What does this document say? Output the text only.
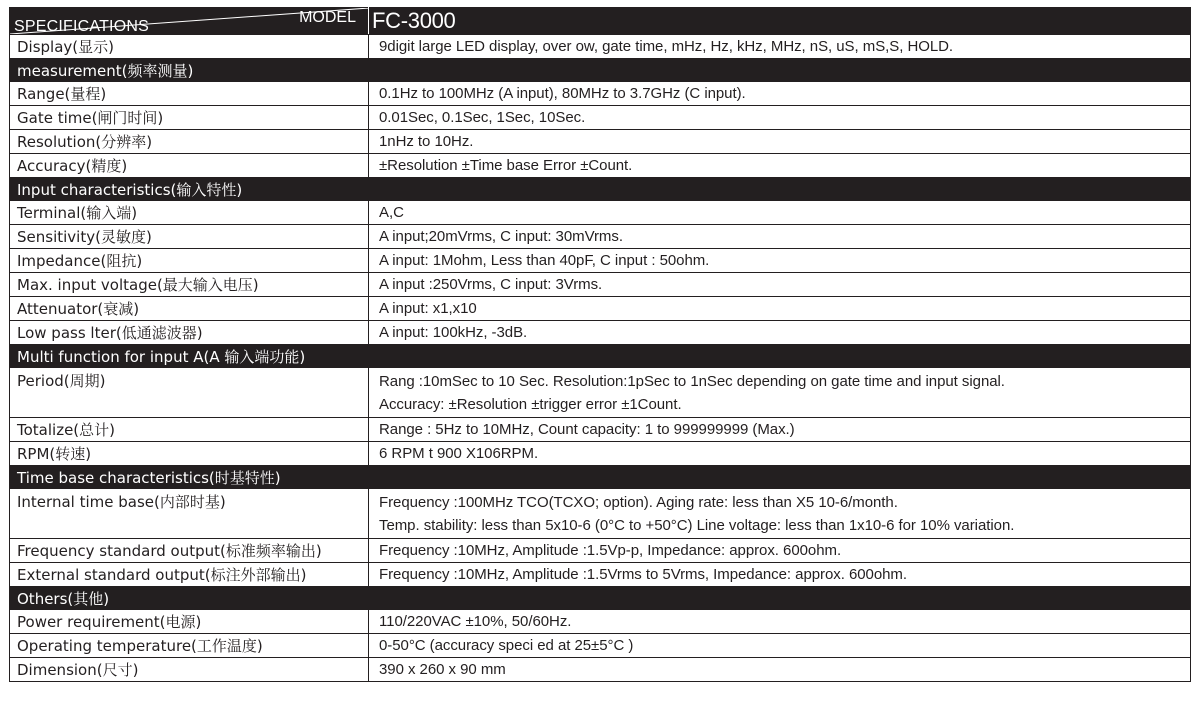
SPECIFICATIONS
MODEL	FC-3000
Display(显示)	9digit large LED display, over ow, gate time, mHz, Hz, kHz, MHz, nS, uS, mS,S, HOLD.
measurement(频率测量)	
Range(量程)	0.1Hz to 100MHz (A input), 80MHz to 3.7GHz (C input).
Gate time(闸门时间)	0.01Sec, 0.1Sec, 1Sec, 10Sec.
Resolution(分辨率)	1nHz to 10Hz.
Accuracy(精度)	±Resolution ±Time base Error ±Count.
Input characteristics(输入特性)	
Terminal(输入端)	A,C
Sensitivity(灵敏度)	A input;20mVrms, C input: 30mVrms.
Impedance(阻抗)	A input: 1Mohm, Less than 40pF, C input : 50ohm.
Max. input voltage(最大输入电压)	A input :250Vrms, C input: 3Vrms.
Attenuator(衰减)	A input: x1,x10
Low pass lter(低通滤波器)	A input: 100kHz, -3dB.
Multi function for input A(A 输入端功能)	
Period(周期)	Rang :10mSec to 10 Sec. Resolution:1pSec to 1nSec depending on gate time and input signal.
Accuracy: ±Resolution ±trigger error ±1Count.

Totalize(总计)	Range : 5Hz to 10MHz, Count capacity: 1 to 999999999 (Max.)
RPM(转速)	6 RPM t 900 X106RPM.
Time base characteristics(时基特性)	
Internal time base(内部时基)	Frequency :100MHz TCO(TCXO; option). Aging rate: less than X5 10-6/month.
Temp. stability: less than 5x10-6 (0°C to +50°C) Line voltage: less than 1x10-6 for 10% variation.

Frequency standard output(标准频率输出)	Frequency :10MHz, Amplitude :1.5Vp-p, Impedance: approx. 600ohm.
External standard output(标注外部输出)	Frequency :10MHz, Amplitude :1.5Vrms to 5Vrms, Impedance: approx. 600ohm.
Others(其他)	
Power requirement(电源)	110/220VAC ±10%, 50/60Hz.
Operating temperature(工作温度)	0-50°C (accuracy speci ed at 25±5°C )
Dimension(尺寸)	390 x 260 x 90 mm
